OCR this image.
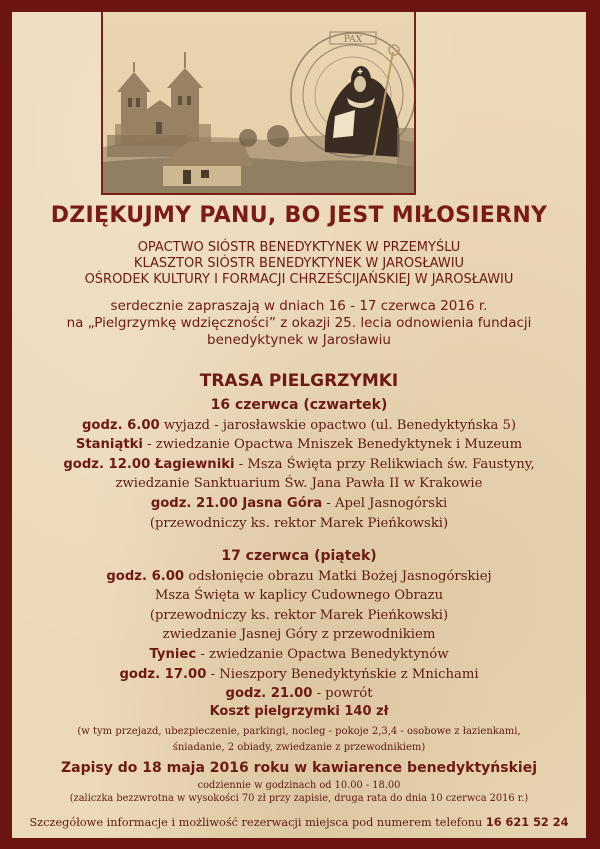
PAX
✚
DZIĘKUJMY PANU, BO JEST MIŁOSIERNY
OPACTWO SIÓSTR BENEDYKTYNEK W PRZEMYŚLU
KLASZTOR SIÓSTR BENEDYKTYNEK W JAROSŁAWIU
OŚRODEK KULTURY I FORMACJI CHRZEŚCIJAŃSKIEJ W JAROSŁAWIU
serdecznie zapraszają w dniach 16 - 17 czerwca 2016 r.
na „Pielgrzymkę wdzięczności” z okazji 25. lecia odnowienia fundacji
benedyktynek w Jarosławiu
TRASA PIELGRZYMKI
16 czerwca (czwartek)
godz. 6.00 wyjazd - jarosławskie opactwo (ul. Benedyktyńska 5)
Staniątki - zwiedzanie Opactwa Mniszek Benedyktynek i Muzeum
godz. 12.00 Łagiewniki - Msza Święta przy Relikwiach św. Faustyny,
zwiedzanie Sanktuarium Św. Jana Pawła II w Krakowie
godz. 21.00 Jasna Góra - Apel Jasnogórski
(przewodniczy ks. rektor Marek Pieńkowski)
17 czerwca (piątek)
godz. 6.00 odsłonięcie obrazu Matki Bożej Jasnogórskiej
Msza Święta w kaplicy Cudownego Obrazu
(przewodniczy ks. rektor Marek Pieńkowski)
zwiedzanie Jasnej Góry z przewodnikiem
Tyniec - zwiedzanie Opactwa Benedyktynów
godz. 17.00 - Nieszpory Benedyktyńskie z Mnichami
godz. 21.00 - powrót
Koszt pielgrzymki 140 zł
(w tym przejazd, ubezpieczenie, parkingi, nocleg - pokoje 2,3,4 - osobowe z łazienkami,
śniadanie, 2 obiady, zwiedzanie z przewodnikiem)
Zapisy do 18 maja 2016 roku w kawiarence benedyktyńskiej
codziennie w godzinach od 10.00 - 18.00
(zaliczka bezzwrotna w wysokości 70 zł przy zapisie, druga rata do dnia 10 czerwca 2016 r.)
Szczegółowe informacje i możliwość rezerwacji miejsca pod numerem telefonu 16 621 52 24
